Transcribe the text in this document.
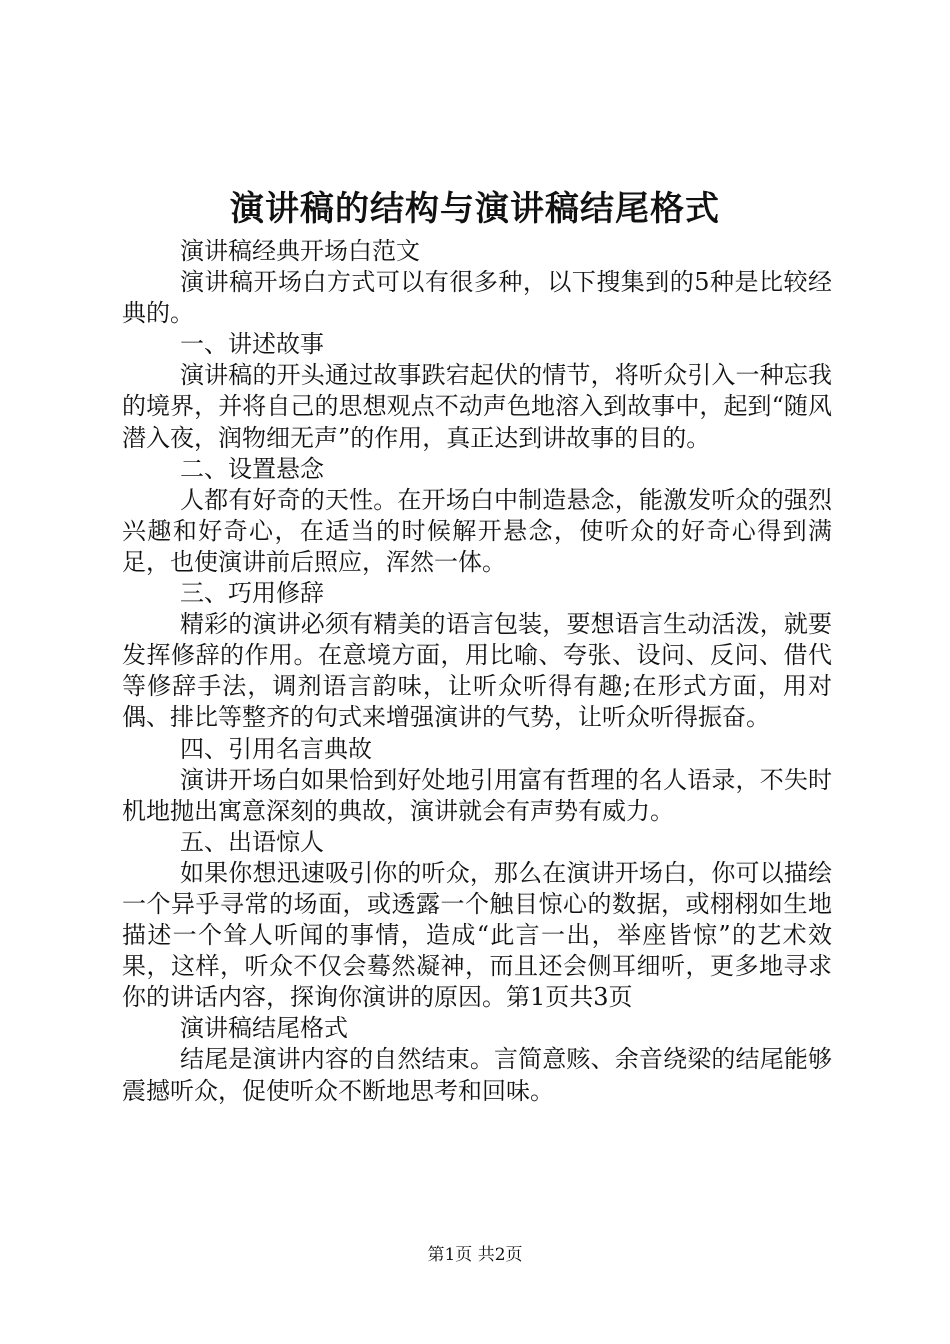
演讲稿的结构与演讲稿结尾格式

演讲稿经典开场白范文

演讲稿开场白方式可以有很多种，以下搜集到的5种是比较经典的。

一、讲述故事

演讲稿的开头通过故事跌宕起伏的情节，将听众引入一种忘我的境界，并将自己的思想观点不动声色地溶入到故事中，起到“随风潜入夜，润物细无声”的作用，真正达到讲故事的目的。

二、设置悬念

人都有好奇的天性。在开场白中制造悬念，能激发听众的强烈兴趣和好奇心，在适当的时候解开悬念，使听众的好奇心得到满足，也使演讲前后照应，浑然一体。

三、巧用修辞

精彩的演讲必须有精美的语言包装，要想语言生动活泼，就要发挥修辞的作用。在意境方面，用比喻、夸张、设问、反问、借代等修辞手法，调剂语言韵味，让听众听得有趣;在形式方面，用对偶、排比等整齐的句式来增强演讲的气势，让听众听得振奋。

四、引用名言典故

演讲开场白如果恰到好处地引用富有哲理的名人语录，不失时机地抛出寓意深刻的典故，演讲就会有声势有威力。

五、出语惊人

如果你想迅速吸引你的听众，那么在演讲开场白，你可以描绘一个异乎寻常的场面，或透露一个触目惊心的数据，或栩栩如生地描述一个耸人听闻的事情，造成“此言一出，举座皆惊”的艺术效果，这样，听众不仅会蓦然凝神，而且还会侧耳细听，更多地寻求你的讲话内容，探询你演讲的原因。第1页共3页

演讲稿结尾格式

结尾是演讲内容的自然结束。言简意赅、余音绕梁的结尾能够震撼听众，促使听众不断地思考和回味。

第1页 共2页
